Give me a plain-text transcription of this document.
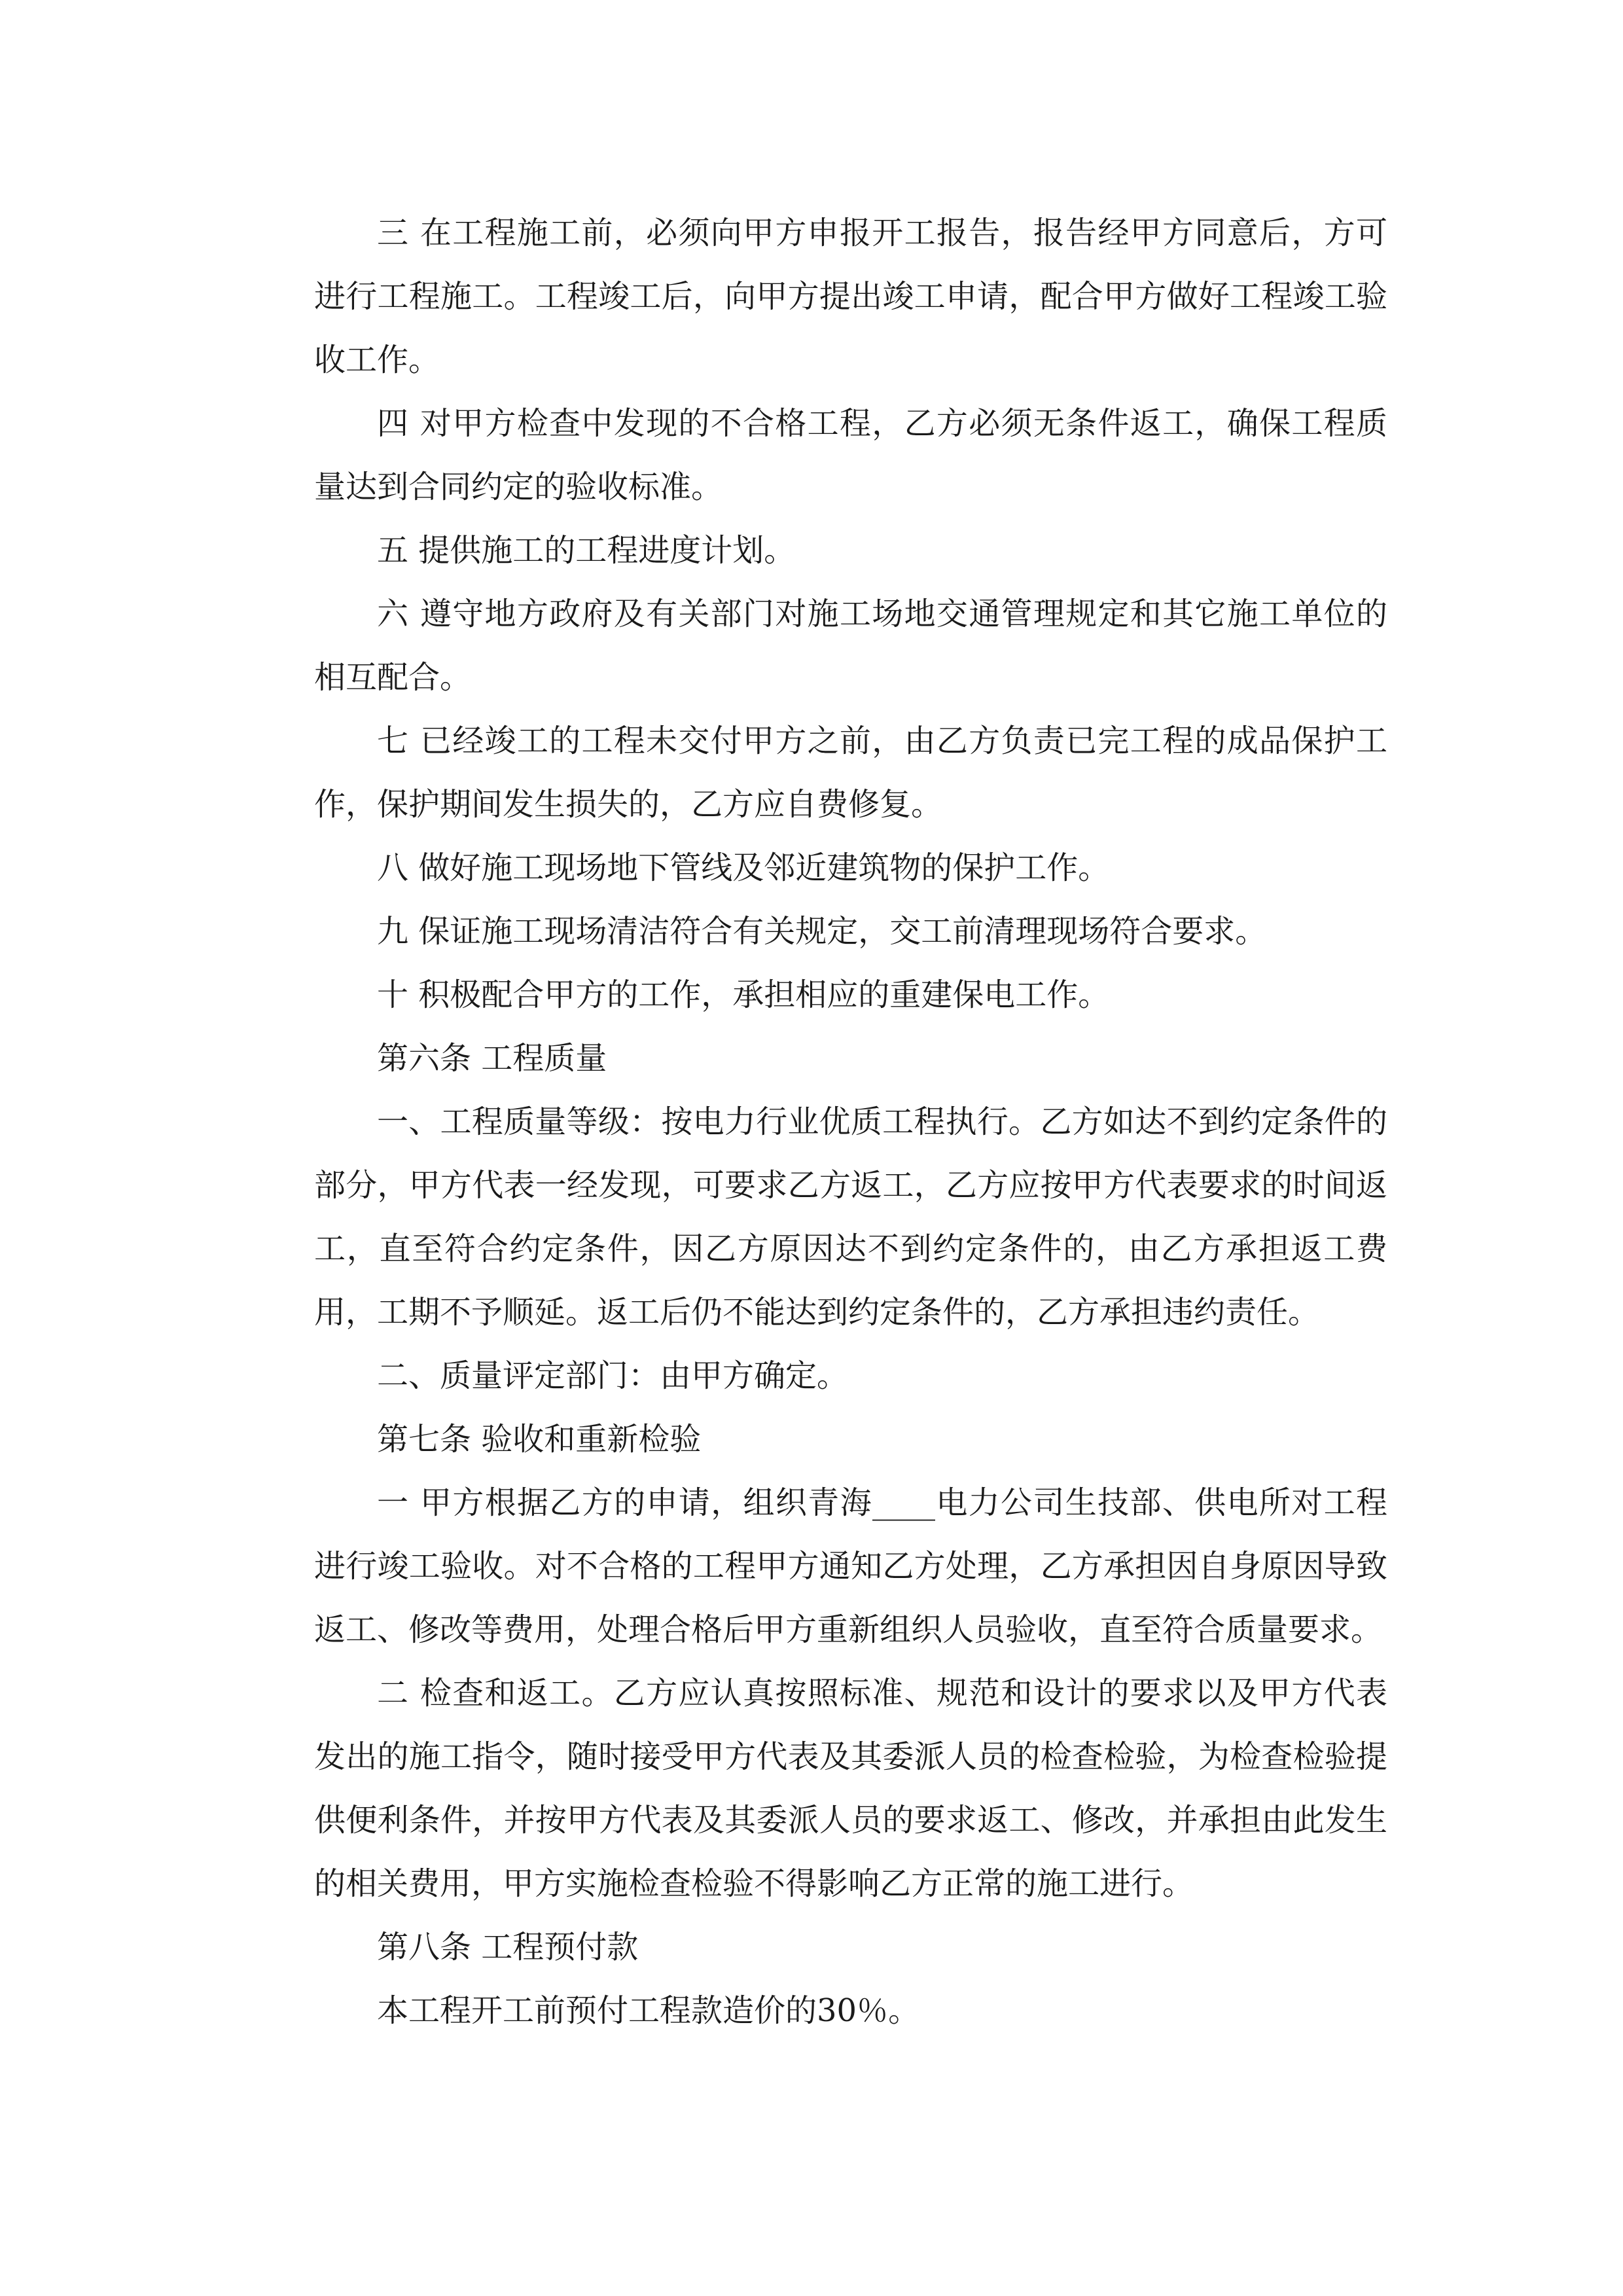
三 在工程施工前，必须向甲方申报开工报告，报告经甲方同意后，方可进行工程施工。工程竣工后，向甲方提出竣工申请，配合甲方做好工程竣工验收工作。

四 对甲方检查中发现的不合格工程，乙方必须无条件返工，确保工程质量达到合同约定的验收标准。

五 提供施工的工程进度计划。

六 遵守地方政府及有关部门对施工场地交通管理规定和其它施工单位的相互配合。

七 已经竣工的工程未交付甲方之前，由乙方负责已完工程的成品保护工作，保护期间发生损失的，乙方应自费修复。

八 做好施工现场地下管线及邻近建筑物的保护工作。

九 保证施工现场清洁符合有关规定，交工前清理现场符合要求。

十 积极配合甲方的工作，承担相应的重建保电工作。

第六条 工程质量

一、工程质量等级：按电力行业优质工程执行。乙方如达不到约定条件的部分，甲方代表一经发现，可要求乙方返工，乙方应按甲方代表要求的时间返工，直至符合约定条件，因乙方原因达不到约定条件的，由乙方承担返工费用，工期不予顺延。返工后仍不能达到约定条件的，乙方承担违约责任。

二、质量评定部门：由甲方确定。

第七条 验收和重新检验

一 甲方根据乙方的申请，组织青海____电力公司生技部、供电所对工程进行竣工验收。对不合格的工程甲方通知乙方处理，乙方承担因自身原因导致返工、修改等费用，处理合格后甲方重新组织人员验收，直至符合质量要求。

二 检查和返工。乙方应认真按照标准、规范和设计的要求以及甲方代表发出的施工指令，随时接受甲方代表及其委派人员的检查检验，为检查检验提供便利条件，并按甲方代表及其委派人员的要求返工、修改，并承担由此发生的相关费用，甲方实施检查检验不得影响乙方正常的施工进行。

第八条 工程预付款

本工程开工前预付工程款造价的30％。
